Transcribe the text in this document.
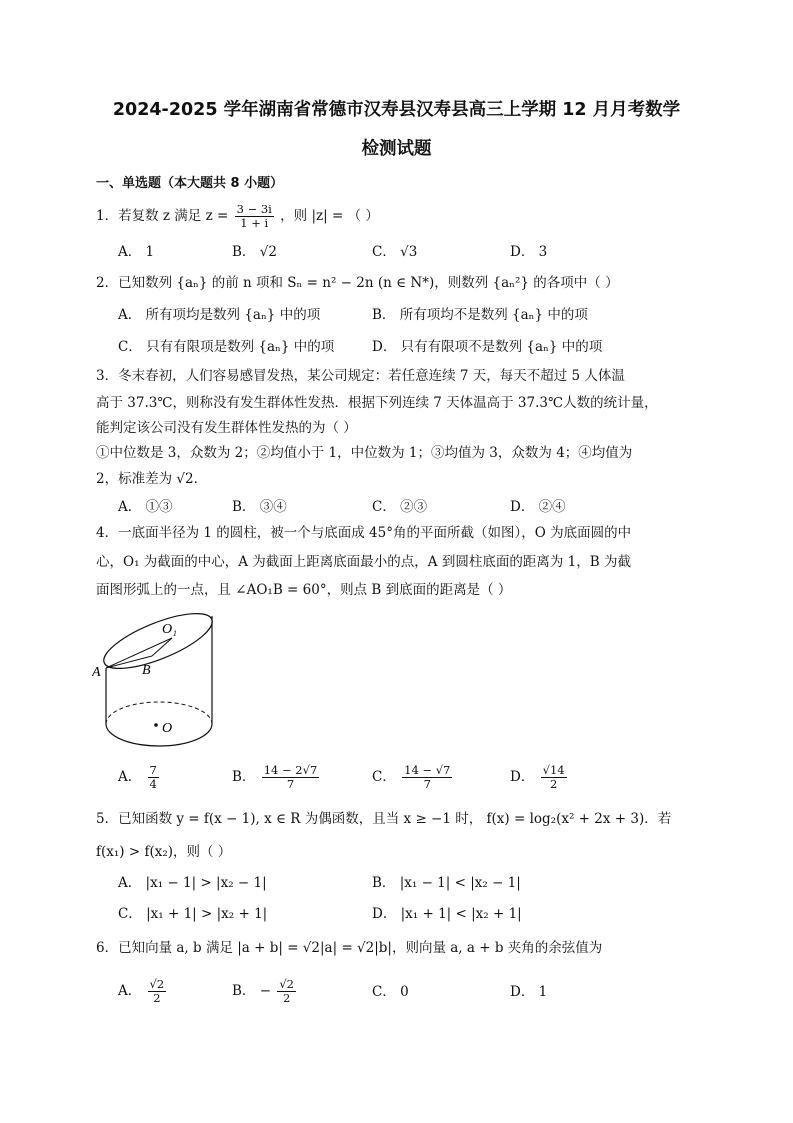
2024-2025 学年湖南省常德市汉寿县汉寿县高三上学期 12 月月考数学
检测试题
一、单选题（本大题共 8 小题）
1．若复数 z 满足 $z = \frac{3 - 3i}{1 + i}$ ，则 |z| = （ ）
A． 1	B． √2	C． √3	D． 3
2．已知数列 {aₙ} 的前 n 项和 Sₙ = n² − 2n (n ∈ N*)，则数列 {aₙ²} 的各项中（ ）
A． 所有项均是数列 {aₙ} 中的项	B． 所有项均不是数列 {aₙ} 中的项
C． 只有有限项是数列 {aₙ} 中的项	D． 只有有限项不是数列 {aₙ} 中的项
3．冬末春初，人们容易感冒发热，某公司规定：若任意连续 7 天，每天不超过 5 人体温
高于 37.3℃，则称没有发生群体性发热．根据下列连续 7 天体温高于 37.3℃人数的统计量，
能判定该公司没有发生群体性发热的为（ ）
①中位数是 3，众数为 2；②均值小于 1，中位数为 1；③均值为 3，众数为 4；④均值为
2，标准差为 √2．
A． ①③	B． ③④	C． ②③	D． ②④
4．一底面半径为 1 的圆柱，被一个与底面成 45°角的平面所截（如图），O 为底面圆的中
心，O₁ 为截面的中心，A 为截面上距离底面最小的点，A 到圆柱底面的距离为 1，B 为截
面图形弧上的一点，且 ∠AO₁B = 60°，则点 B 到底面的距离是（ ）
O₁
A	B
O
A． $\frac{7}{4}$	B． $\frac{14 - 2√7}{7}$	C． $\frac{14 - √7}{7}$	D． $\frac{√14}{2}$
5．已知函数 y = f(x − 1), x ∈ R 为偶函数，且当 x ≥ −1 时， f(x) = log₂(x² + 2x + 3)．若
f(x₁) > f(x₂)，则（ ）
A． |x₁ − 1| > |x₂ − 1|	B． |x₁ − 1| < |x₂ − 1|
C． |x₁ + 1| > |x₂ + 1|	D． |x₁ + 1| < |x₂ + 1|
6．已知向量 a, b 满足 |a + b| = √2|a| = √2|b|，则向量 a, a + b 夹角的余弦值为
A． $\frac{√2}{2}$	B． − $\frac{√2}{2}$	C． 0	D． 1
